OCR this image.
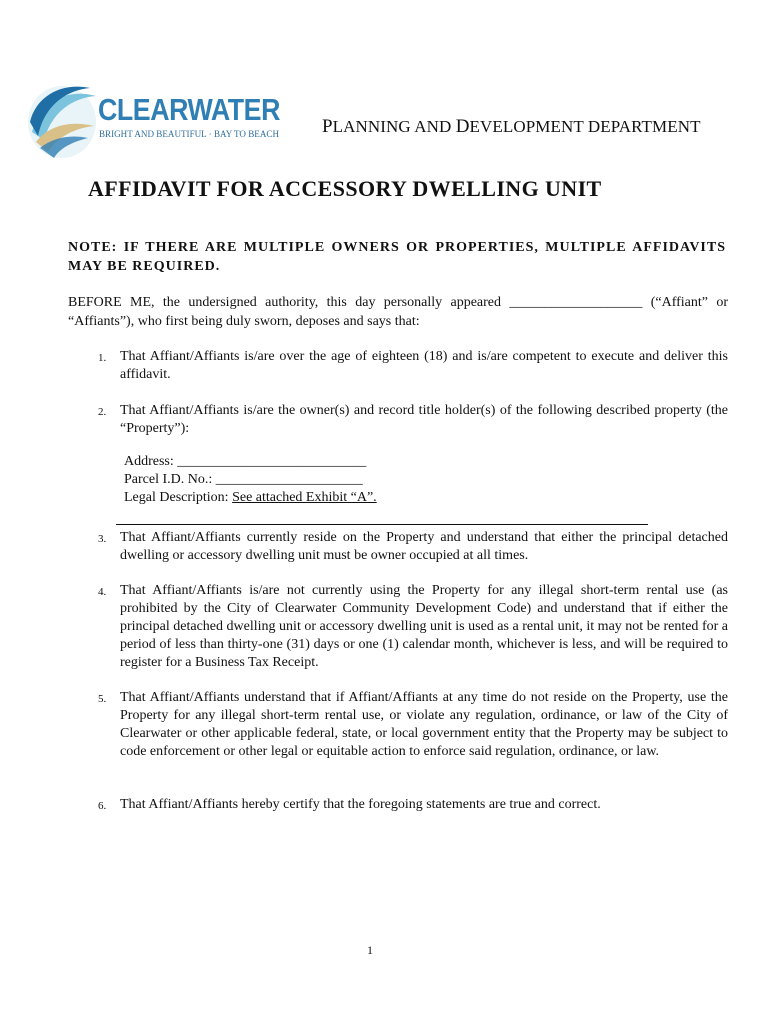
CLEARWATER
BRIGHT AND BEAUTIFUL · BAY TO BEACH PLANNING AND DEVELOPMENT DEPARTMENT
AFFIDAVIT FOR ACCESSORY DWELLING UNIT
NOTE: IF THERE ARE MULTIPLE OWNERS OR PROPERTIES, MULTIPLE AFFIDAVITS MAY BE REQUIRED.
BEFORE ME, the undersigned authority, this day personally appeared ___________________ (“Affiant” or
“Affiants”), who first being duly sworn, deposes and says that:
1. That Affiant/Affiants is/are over the age of eighteen (18) and is/are competent to execute and deliver this affidavit.
2. That Affiant/Affiants is/are the owner(s) and record title holder(s) of the following described property (the “Property”):
Address: ___________________________
Parcel I.D. No.: _____________________
Legal Description: See attached Exhibit “A”.
3. That Affiant/Affiants currently reside on the Property and understand that either the principal detached dwelling or accessory dwelling unit must be owner occupied at all times.
4. That Affiant/Affiants is/are not currently using the Property for any illegal short-term rental use (as prohibited by the City of Clearwater Community Development Code) and understand that if either the principal detached dwelling unit or accessory dwelling unit is used as a rental unit, it may not be rented for a period of less than thirty-one (31) days or one (1) calendar month, whichever is less, and will be required to register for a Business Tax Receipt.
5. That Affiant/Affiants understand that if Affiant/Affiants at any time do not reside on the Property, use the Property for any illegal short-term rental use, or violate any regulation, ordinance, or law of the City of Clearwater or other applicable federal, state, or local government entity that the Property may be subject to code enforcement or other legal or equitable action to enforce said regulation, ordinance, or law.
6. That Affiant/Affiants hereby certify that the foregoing statements are true and correct.
1
